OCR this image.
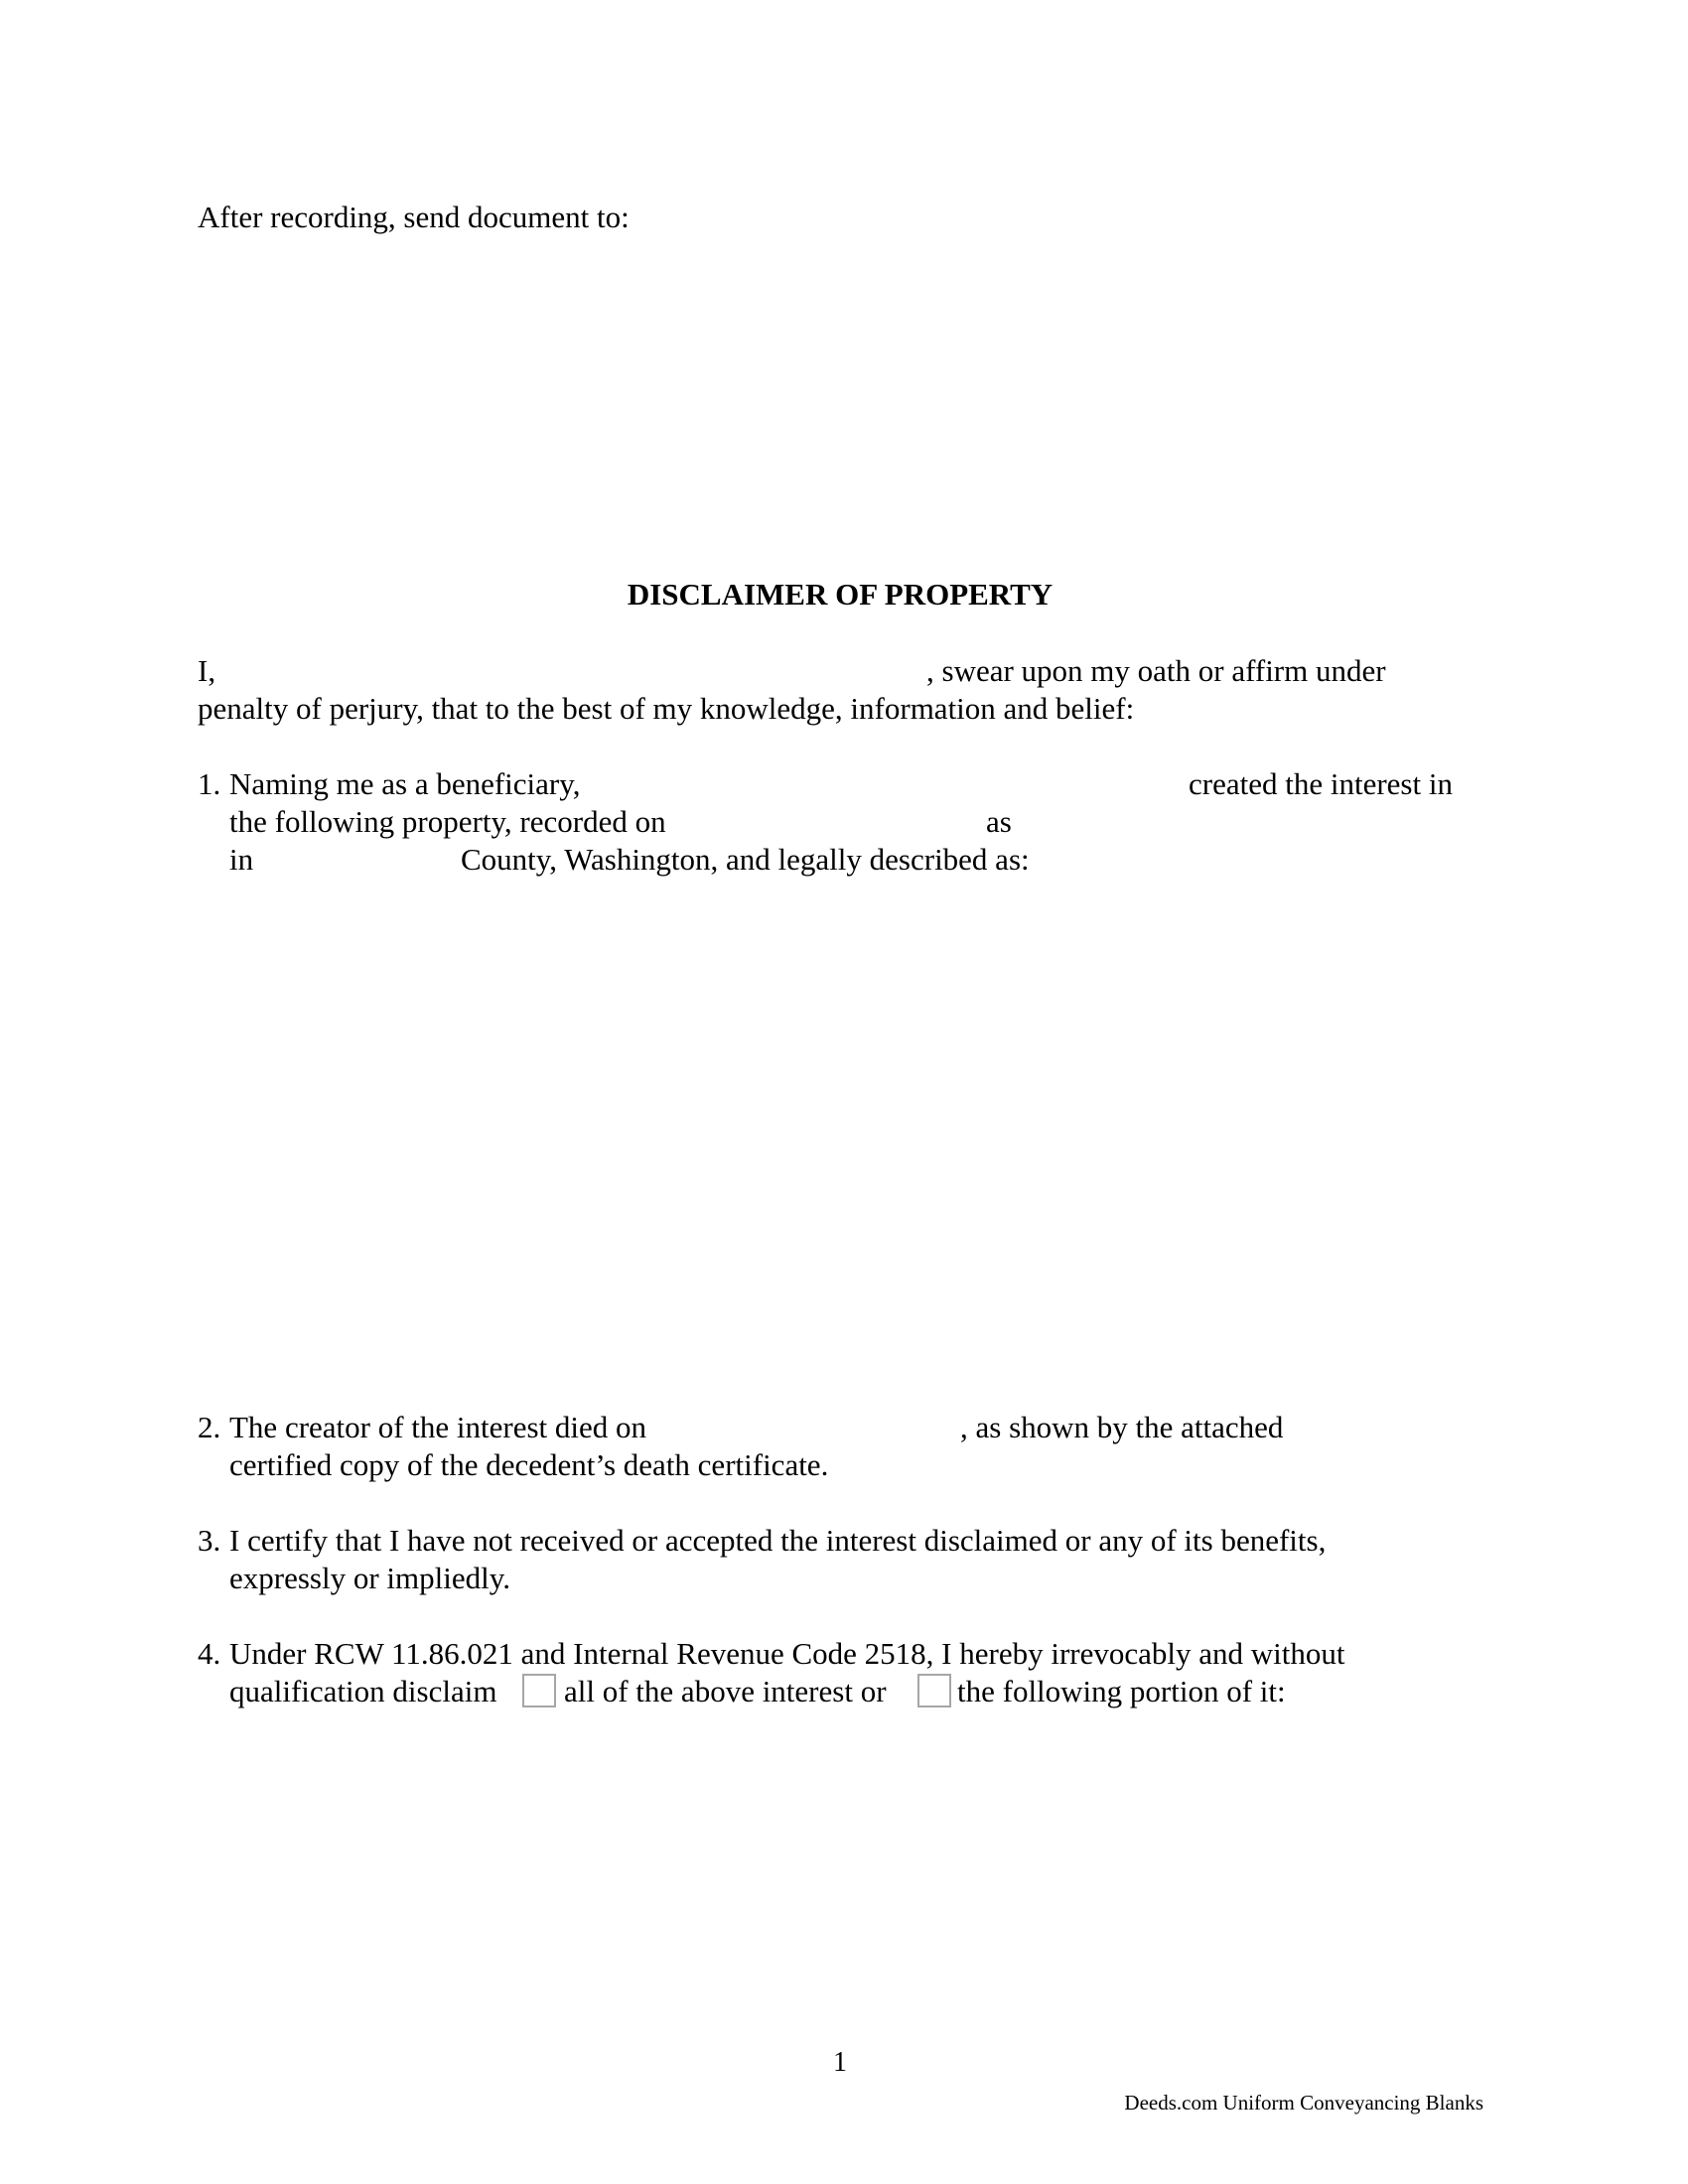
After recording, send document to:
DISCLAIMER OF PROPERTY
I,	, swear upon my oath or affirm under
penalty of perjury, that to the best of my knowledge, information and belief:
1. Naming me as a beneficiary,	created the interest in
the following property, recorded on	as
in	County, Washington, and legally described as:
2. The creator of the interest died on	, as shown by the attached
certified copy of the decedent’s death certificate.
3. I certify that I have not received or accepted the interest disclaimed or any of its benefits,
expressly or impliedly.
4. Under RCW 11.86.021 and Internal Revenue Code 2518, I hereby irrevocably and without
qualification disclaim all of the above interest or the following portion of it:
1
Deeds.com Uniform Conveyancing Blanks
